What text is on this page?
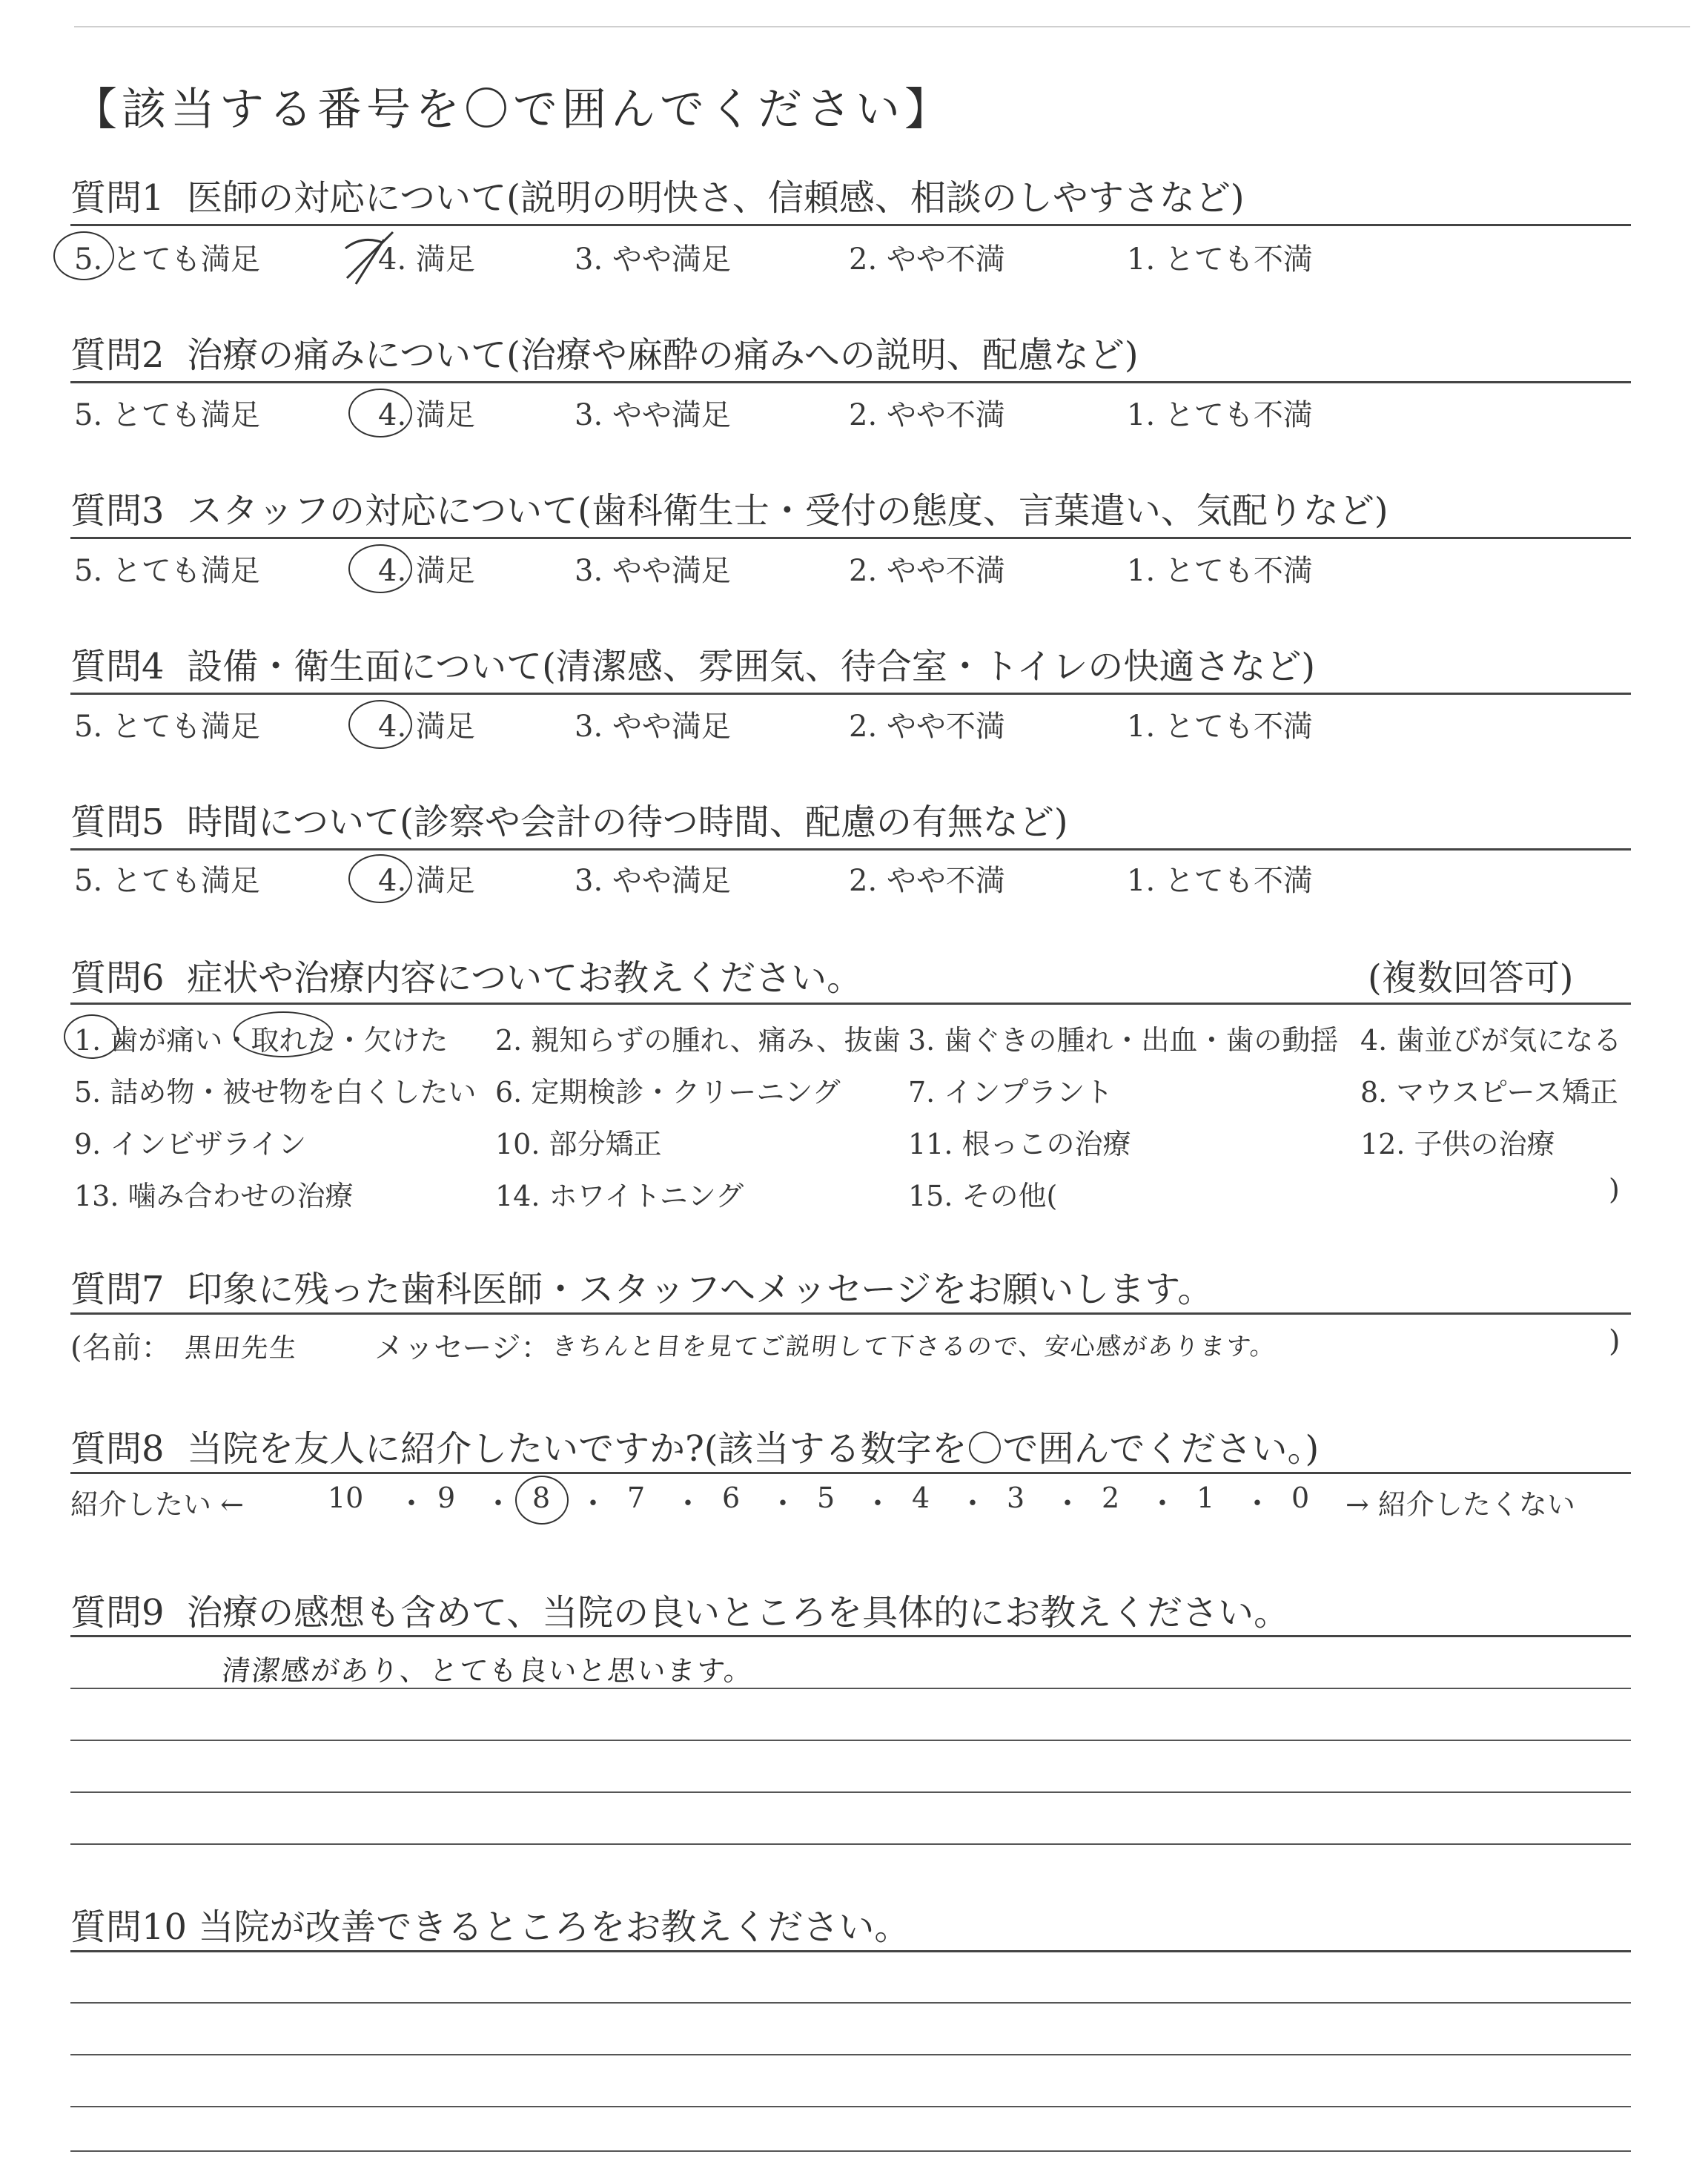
【該当する番号を〇で囲んでください】
質問1 医師の対応について(説明の明快さ、信頼感、相談のしやすさなど)
5. とても満足	4. 満足	3. やや満足	2. やや不満	1. とても不満
質問2 治療の痛みについて(治療や麻酔の痛みへの説明、配慮など)
5. とても満足	4. 満足	3. やや満足	2. やや不満	1. とても不満
質問3 スタッフの対応について(歯科衛生士・受付の態度、言葉遣い、気配りなど)
5. とても満足	4. 満足	3. やや満足	2. やや不満	1. とても不満
質問4 設備・衛生面について(清潔感、雰囲気、待合室・トイレの快適さなど)
5. とても満足	4. 満足	3. やや満足	2. やや不満	1. とても不満
質問5 時間について(診察や会計の待つ時間、配慮の有無など)
5. とても満足	4. 満足	3. やや満足	2. やや不満	1. とても不満
質問6 症状や治療内容についてお教えください。	(複数回答可)
1. 歯が痛い・取れた・欠けた 2. 親知らずの腫れ、痛み、抜歯 3. 歯ぐきの腫れ・出血・歯の動揺 4. 歯並びが気になる
5. 詰め物・被せ物を白くしたい 6. 定期検診・クリーニング 7. インプラント	8. マウスピース矯正
9. インビザライン	10. 部分矯正	11. 根っこの治療	12. 子供の治療
13. 噛み合わせの治療	14. ホワイトニング	15. その他(	)
質問7 印象に残った歯科医師・スタッフへメッセージをお願いします。
(名前： 黒田先生	メッセージ： きちんと目を見てご説明して下さるので、安心感があります。	)
質問8 当院を友人に紹介したいですか?(該当する数字を〇で囲んでください。)
紹介したい ←	10	9	8	7	6	5	4	3	2	1	0 → 紹介したくない
・ ・ ・ ・ ・ ・ ・ ・ ・ ・
質問9 治療の感想も含めて、当院の良いところを具体的にお教えください。
清潔感があり、とても良いと思います。
質問10 当院が改善できるところをお教えください。
